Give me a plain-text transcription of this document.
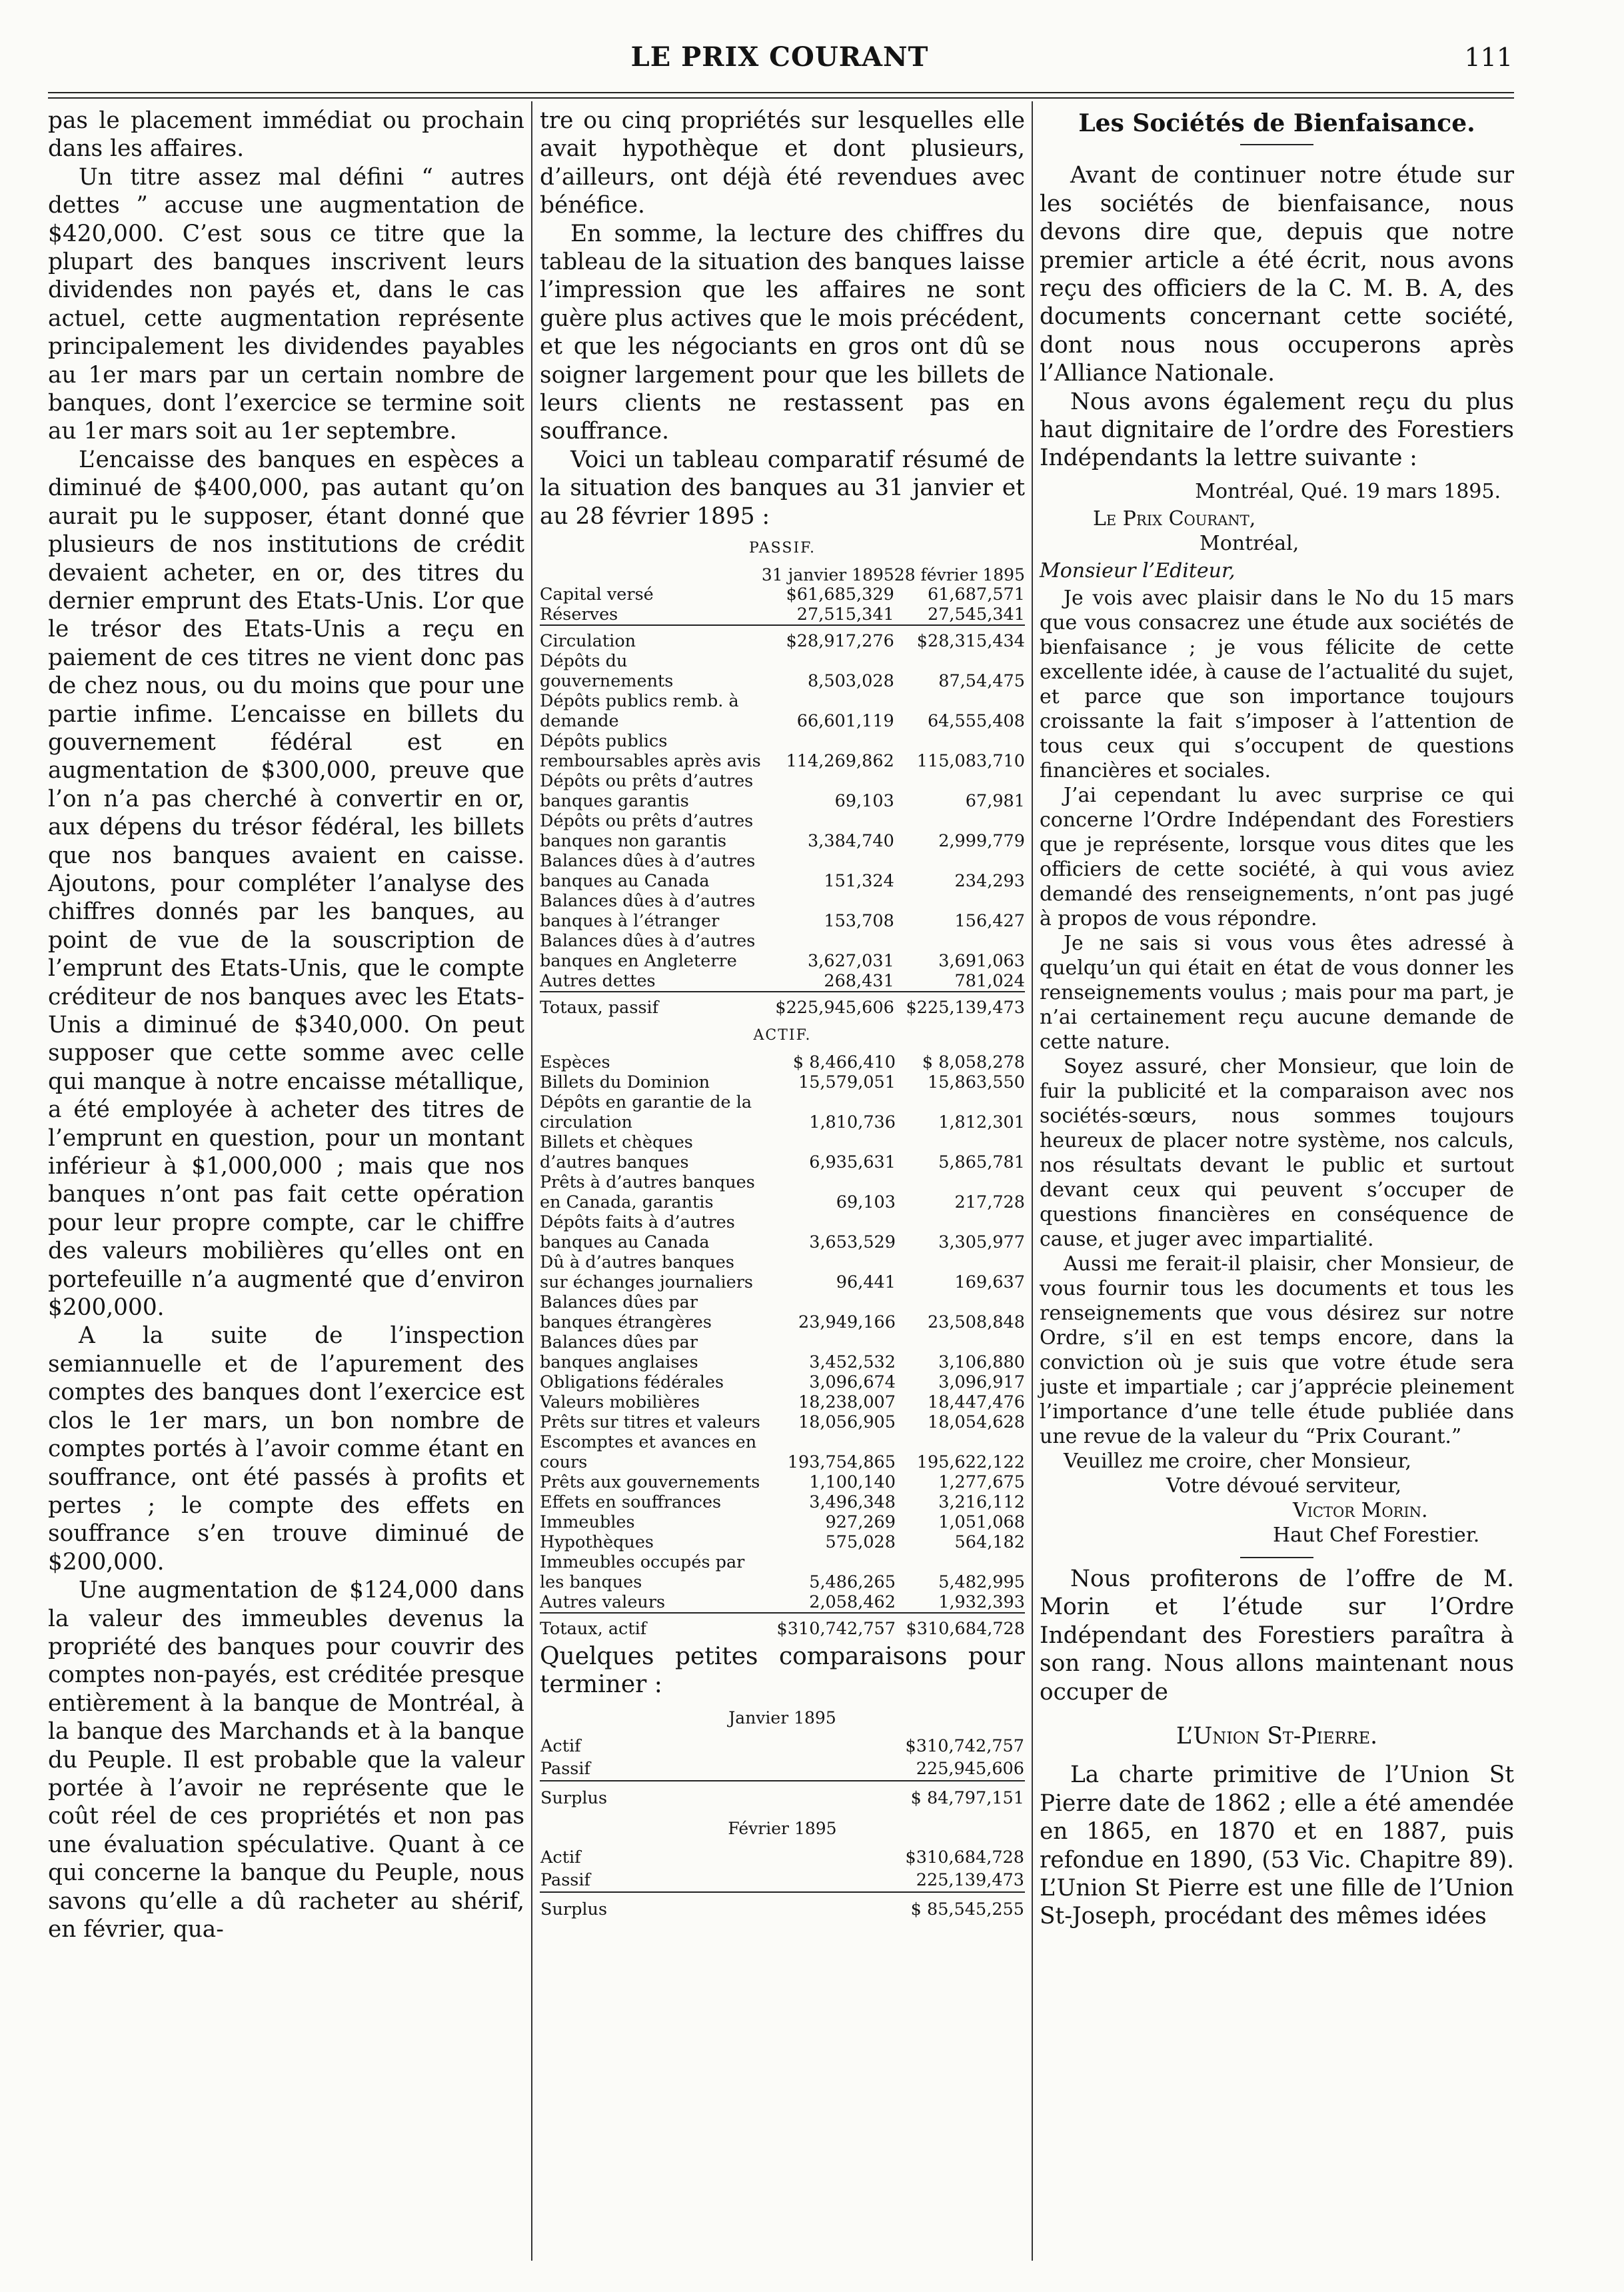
LE PRIX COURANT	111

pas le placement immédiat ou prochain dans les affaires.

Un titre assez mal défini “ autres dettes ” accuse une augmentation de $420,000. C’est sous ce titre que la plupart des banques inscrivent leurs dividendes non payés et, dans le cas actuel, cette augmentation représente principalement les dividendes payables au 1er mars par un certain nombre de banques, dont l’exercice se termine soit au 1er mars soit au 1er septembre.

L’encaisse des banques en espèces a diminué de $400,000, pas autant qu’on aurait pu le supposer, étant donné que plusieurs de nos institutions de crédit devaient acheter, en or, des titres du dernier emprunt des Etats-Unis. L’or que le trésor des Etats-Unis a reçu en paiement de ces titres ne vient donc pas de chez nous, ou du moins que pour une partie infime. L’encaisse en billets du gouvernement fédéral est en augmentation de $300,000, preuve que l’on n’a pas cherché à convertir en or, aux dépens du trésor fédéral, les billets que nos banques avaient en caisse. Ajoutons, pour compléter l’analyse des chiffres donnés par les banques, au point de vue de la souscription de l’emprunt des Etats-Unis, que le compte créditeur de nos banques avec les Etats-Unis a diminué de $340,000. On peut supposer que cette somme avec celle qui manque à notre encaisse métallique, a été employée à acheter des titres de l’emprunt en question, pour un montant inférieur à $1,000,000 ; mais que nos banques n’ont pas fait cette opération pour leur propre compte, car le chiffre des valeurs mobilières qu’elles ont en portefeuille n’a augmenté que d’environ $200,000.

A la suite de l’inspection semiannuelle et de l’apurement des comptes des banques dont l’exercice est clos le 1er mars, un bon nombre de comptes portés à l’avoir comme étant en souffrance, ont été passés à profits et pertes ; le compte des effets en souffrance s’en trouve diminué de $200,000.

Une augmentation de $124,000 dans la valeur des immeubles devenus la propriété des banques pour couvrir des comptes non-payés, est créditée presque entièrement à la banque de Montréal, à la banque des Marchands et à la banque du Peuple. Il est probable que la valeur portée à l’avoir ne représente que le coût réel de ces propriétés et non pas une évaluation spéculative. Quant à ce qui concerne la banque du Peuple, nous savons qu’elle a dû racheter au shérif, en février, qua-

tre ou cinq propriétés sur lesquelles elle avait hypothèque et dont plusieurs, d’ailleurs, ont déjà été revendues avec bénéfice.

En somme, la lecture des chiffres du tableau de la situation des banques laisse l’impression que les affaires ne sont guère plus actives que le mois précédent, et que les négociants en gros ont dû se soigner largement pour que les billets de leurs clients ne restassent pas en souffrance.

Voici un tableau comparatif résumé de la situation des banques au 31 janvier et au 28 février 1895 :

PASSIF.
	31 janvier 1895	28 février 1895
Capital versé	$61,685,329	61,687,571
Réserves	27,515,341	27,545,341

Circulation	$28,917,276	$28,315,434
Dépôts du gouvernements	8,503,028	87,54,475
Dépôts publics remb. à demande	66,601,119	64,555,408
Dépôts publics remboursables après avis	114,269,862	115,083,710
Dépôts ou prêts d’autres banques garantis	69,103	67,981
Dépôts ou prêts d’autres banques non garantis	3,384,740	2,999,779
Balances dûes à d’autres banques au Canada	151,324	234,293
Balances dûes à d’autres banques à l’étranger	153,708	156,427
Balances dûes à d’autres banques en Angleterre	3,627,031	3,691,063
Autres dettes	268,431	781,024

Totaux, passif	$225,945,606	$225,139,473
ACTIF.
Espèces	$ 8,466,410	$ 8,058,278
Billets du Dominion	15,579,051	15,863,550
Dépôts en garantie de la circulation	1,810,736	1,812,301
Billets et chèques d’autres banques	6,935,631	5,865,781
Prêts à d’autres banques en Canada, garantis	69,103	217,728
Dépôts faits à d’autres banques au Canada	3,653,529	3,305,977
Dû à d’autres banques sur échanges journaliers	96,441	169,637
Balances dûes par banques étrangères	23,949,166	23,508,848
Balances dûes par banques anglaises	3,452,532	3,106,880
Obligations fédérales	3,096,674	3,096,917
Valeurs mobilières	18,238,007	18,447,476
Prêts sur titres et valeurs	18,056,905	18,054,628
Escomptes et avances en cours	193,754,865	195,622,122
Prêts aux gouvernements	1,100,140	1,277,675
Effets en souffrances	3,496,348	3,216,112
Immeubles	927,269	1,051,068
Hypothèques	575,028	564,182
Immeubles occupés par les banques	5,486,265	5,482,995
Autres valeurs	2,058,462	1,932,393

Totaux, actif	$310,742,757	$310,684,728
Quelques petites comparaisons pour terminer :
Janvier 1895
Actif	$310,742,757
Passif	225,945,606

Surplus	$ 84,797,151
Février 1895
Actif	$310,684,728
Passif	225,139,473

Surplus	$ 85,545,255
Les Sociétés de Bienfaisance.

Avant de continuer notre étude sur les sociétés de bienfaisance, nous devons dire que, depuis que notre premier article a été écrit, nous avons reçu des officiers de la C. M. B. A, des documents concernant cette société, dont nous nous occuperons après l’Alliance Nationale.

Nous avons également reçu du plus haut dignitaire de l’ordre des Forestiers Indépendants la lettre suivante :

Montréal, Qué. 19 mars 1895.
Le Prix Courant,
Montréal,
Monsieur l’Editeur,

Je vois avec plaisir dans le No du 15 mars que vous consacrez une étude aux sociétés de bienfaisance ; je vous félicite de cette excellente idée, à cause de l’actualité du sujet, et parce que son importance toujours croissante la fait s’imposer à l’attention de tous ceux qui s’occupent de questions financières et sociales.

J’ai cependant lu avec surprise ce qui concerne l’Ordre Indépendant des Forestiers que je représente, lorsque vous dites que les officiers de cette société, à qui vous aviez demandé des renseignements, n’ont pas jugé à propos de vous répondre.

Je ne sais si vous vous êtes adressé à quelqu’un qui était en état de vous donner les renseignements voulus ; mais pour ma part, je n’ai certainement reçu aucune demande de cette nature.

Soyez assuré, cher Monsieur, que loin de fuir la publicité et la comparaison avec nos sociétés-sœurs, nous sommes toujours heureux de placer notre système, nos calculs, nos résultats devant le public et surtout devant ceux qui peuvent s’occuper de questions financières en conséquence de cause, et juger avec impartialité.

Aussi me ferait-il plaisir, cher Monsieur, de vous fournir tous les documents et tous les renseignements que vous désirez sur notre Ordre, s’il en est temps encore, dans la conviction où je suis que votre étude sera juste et impartiale ; car j’apprécie pleinement l’importance d’une telle étude publiée dans une revue de la valeur du “Prix Courant.”

Veuillez me croire, cher Monsieur,

Votre dévoué serviteur,
Victor Morin.
Haut Chef Forestier.

Nous profiterons de l’offre de M. Morin et l’étude sur l’Ordre Indépendant des Forestiers paraîtra à son rang. Nous allons maintenant nous occuper de

L’Union St-Pierre.

La charte primitive de l’Union St Pierre date de 1862 ; elle a été amendée en 1865, en 1870 et en 1887, puis refondue en 1890, (53 Vic. Chapitre 89). L’Union St Pierre est une fille de l’Union St-Joseph, procédant des mêmes idées
